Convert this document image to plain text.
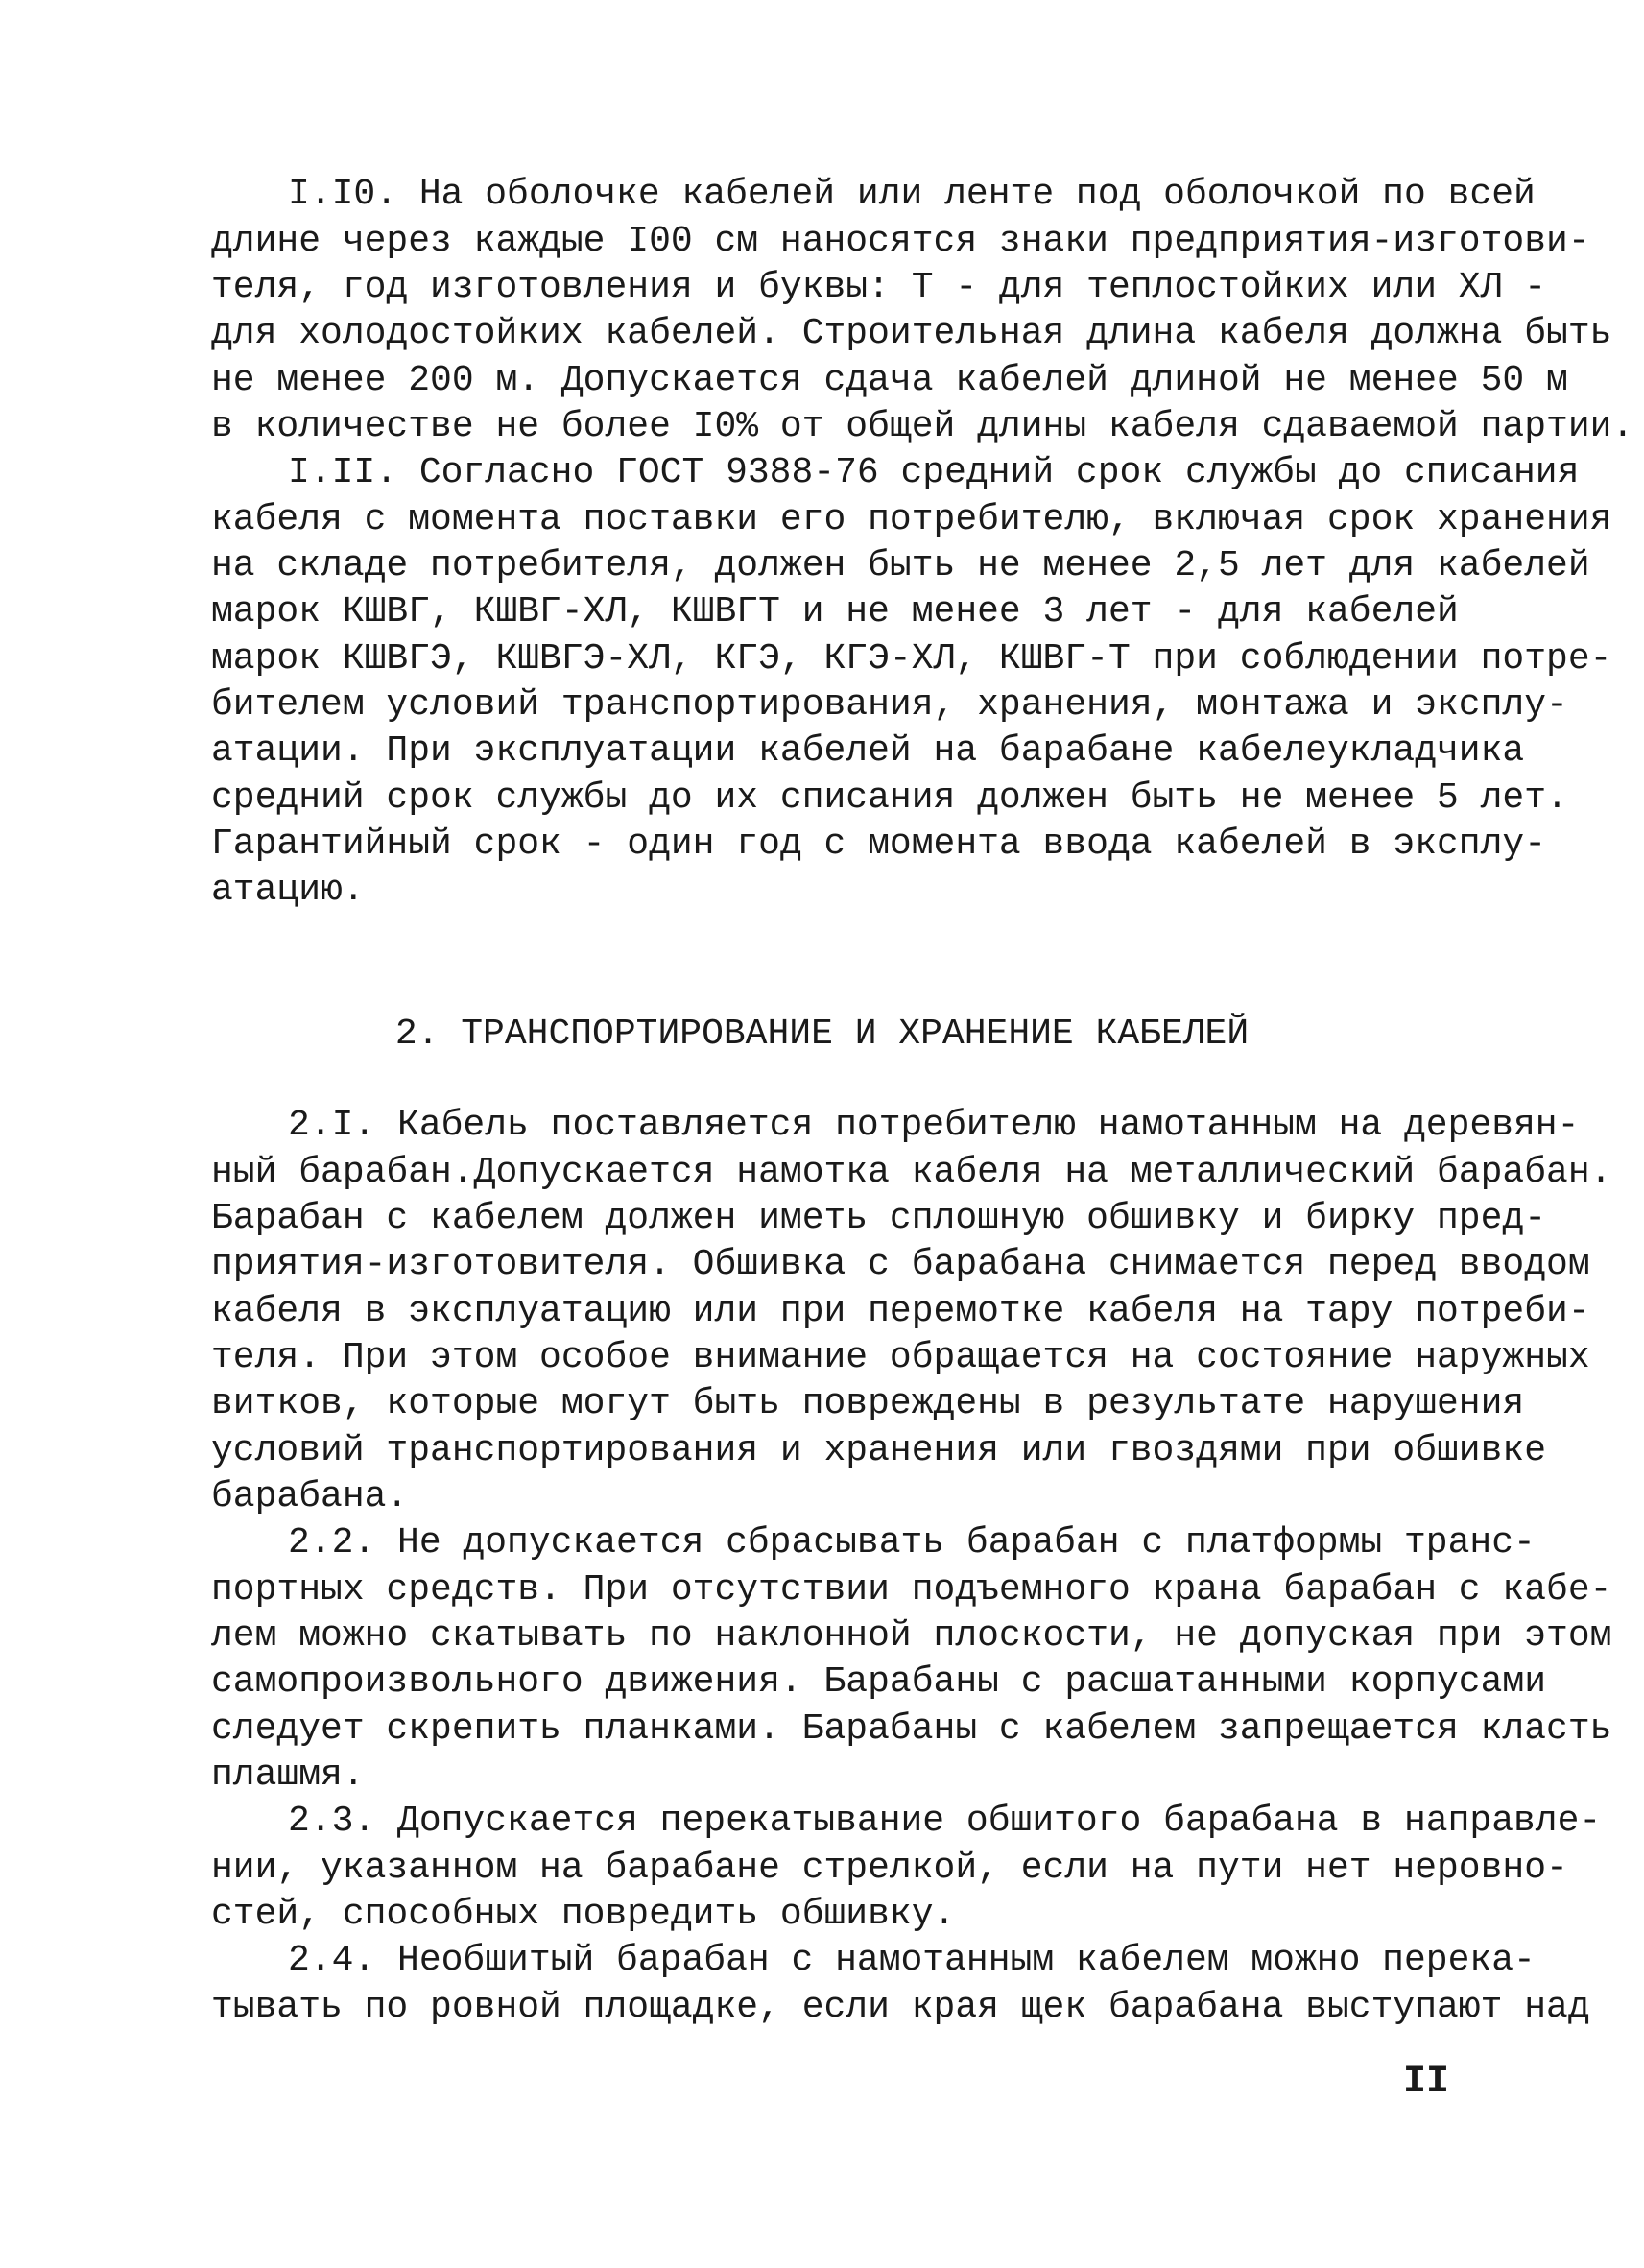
I.I0. На оболочке кабелей или ленте под оболочкой по всей
длине через каждые I00 см наносятся знаки предприятия-изготови-
теля, год изготовления и буквы: Т - для теплостойких или ХЛ -
для холодостойких кабелей. Строительная длина кабеля должна быть
не менее 200 м. Допускается сдача кабелей длиной не менее 50 м
в количестве не более I0% от общей длины кабеля сдаваемой партии.
I.II. Согласно ГОСТ 9388-76 средний срок службы до списания
кабеля с момента поставки его потребителю, включая срок хранения
на складе потребителя, должен быть не менее 2,5 лет для кабелей
марок КШВГ, КШВГ-ХЛ, КШВГТ и не менее 3 лет - для кабелей
марок КШВГЭ, КШВГЭ-ХЛ, КГЭ, КГЭ-ХЛ, КШВГ-Т при соблюдении потре-
бителем условий транспортирования, хранения, монтажа и эксплу-
атации. При эксплуатации кабелей на барабане кабелеукладчика
средний срок службы до их списания должен быть не менее 5 лет.
Гарантийный срок - один год с момента ввода кабелей в эксплу-
атацию.
2. ТРАНСПОРТИРОВАНИЕ И ХРАНЕНИЕ КАБЕЛЕЙ
2.I. Кабель поставляется потребителю намотанным на деревян-
ный барабан.Допускается намотка кабеля на металлический барабан.
Барабан с кабелем должен иметь сплошную обшивку и бирку пред-
приятия-изготовителя. Обшивка с барабана снимается перед вводом
кабеля в эксплуатацию или при перемотке кабеля на тару потреби-
теля. При этом особое внимание обращается на состояние наружных
витков, которые могут быть повреждены в результате нарушения
условий транспортирования и хранения или гвоздями при обшивке
барабана.
2.2. Не допускается сбрасывать барабан с платформы транс-
портных средств. При отсутствии подъемного крана барабан с кабе-
лем можно скатывать по наклонной плоскости, не допуская при этом
самопроизвольного движения. Барабаны с расшатанными корпусами
следует скрепить планками. Барабаны с кабелем запрещается класть
плашмя.
2.3. Допускается перекатывание обшитого барабана в направле-
нии, указанном на барабане стрелкой, если на пути нет неровно-
стей, способных повредить обшивку.
2.4. Необшитый барабан с намотанным кабелем можно перека-
тывать по ровной площадке, если края щек барабана выступают над
II
